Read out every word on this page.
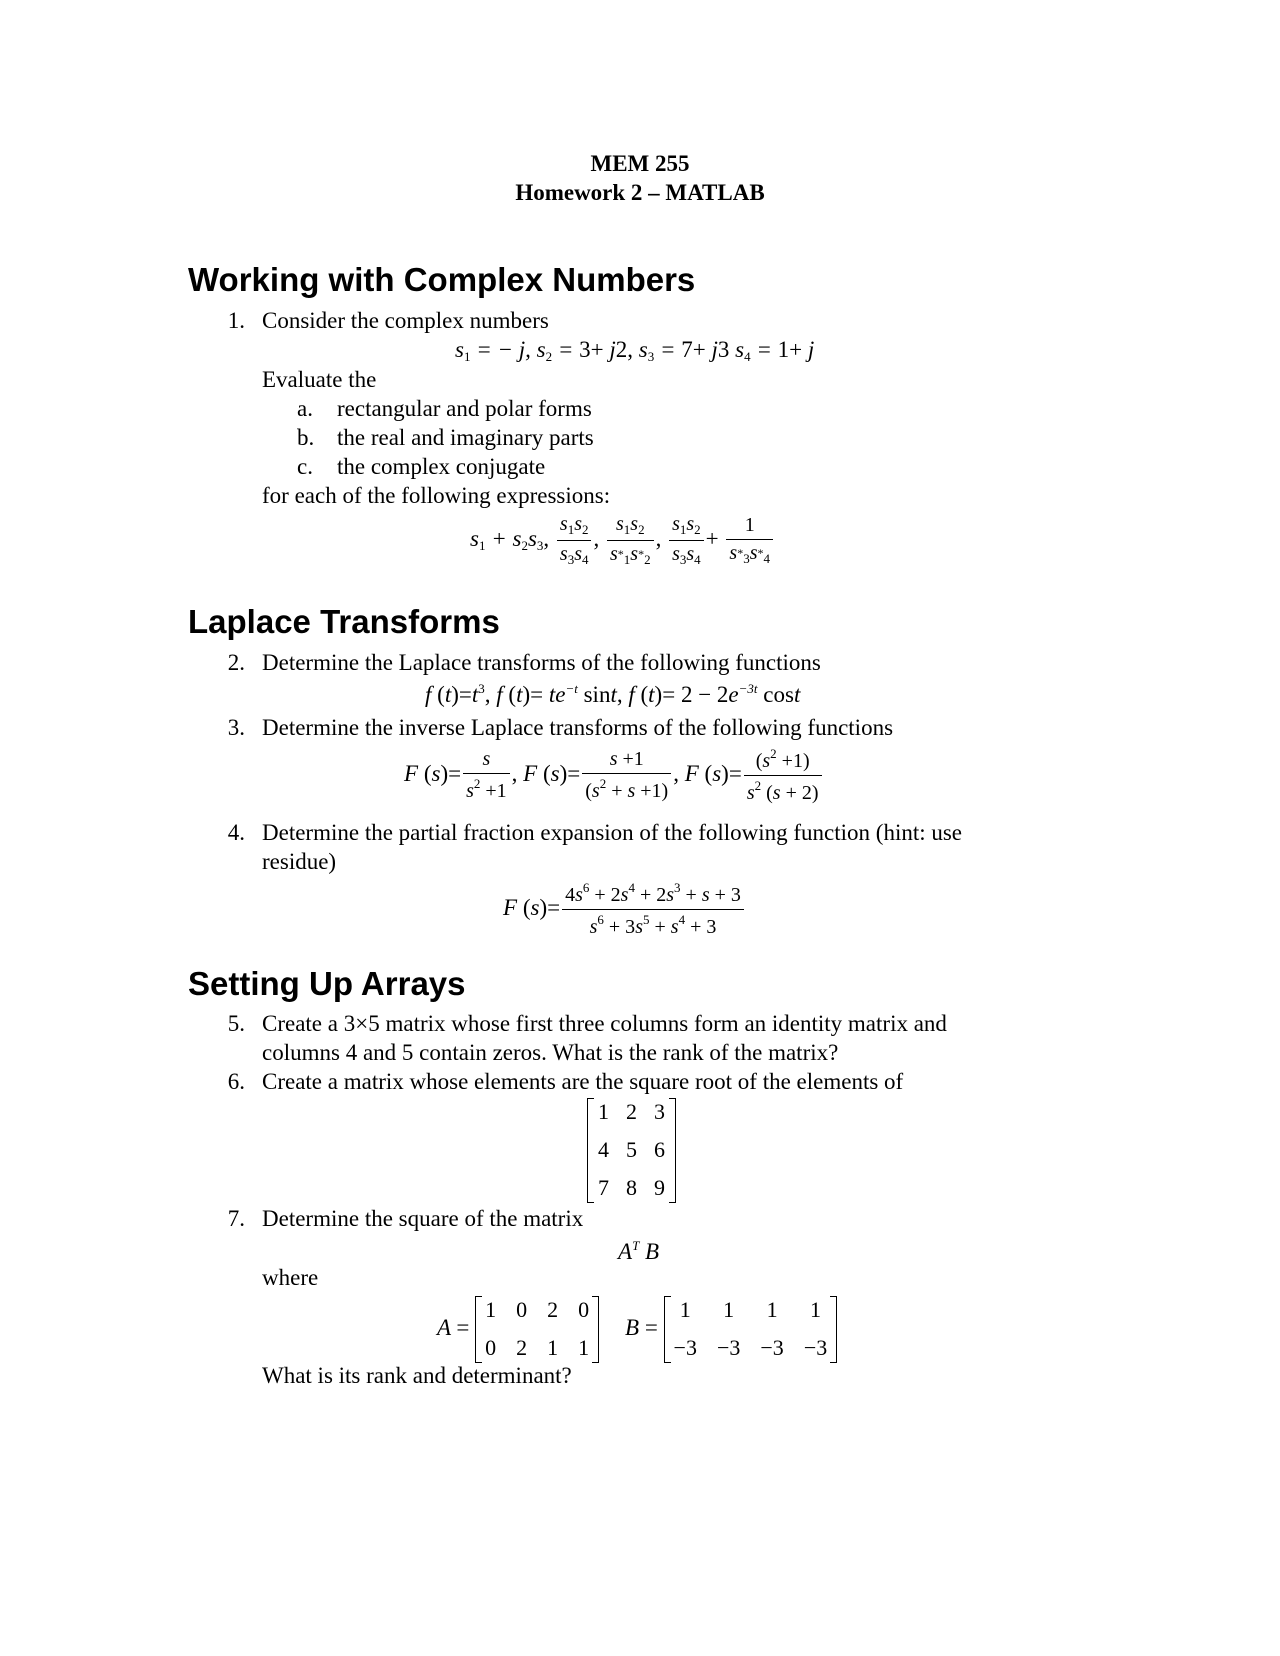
MEM 255
Homework 2 – MATLAB
Working with Complex Numbers
1. Consider the complex numbers
$s_1$ = − j, $s_2 = 3+ j2$, $s_3 = 7+ j3$ $s_4 = 1+ j$
Evaluate the
a. rectangular and polar forms
b. the real and imaginary parts
c. the complex conjugate
for each of the following expressions:
$s_1 + s_2s_3$, $\frac{s_1s_2}{s_3s_4}$ , $\frac{s_1s_2}{s*_1s*_2}$ , $\frac{s_1s_2}{s_3s_4} + \frac{1}{s*_3s*_4}$
Laplace Transforms
2. Determine the Laplace transforms of the following functions
f $(t)=t^3$, f $(t)= te^{-t}$ sint, f $(t)= 2 - 2e^{-3t}$ cost
3. Determine the inverse Laplace transforms of the following functions
F $(s)= \frac{s}{s^2 +1}$ , F $(s)= \frac{s +1}{(s^2 + s +1)}$ , F $(s)= \frac{(s^2 +1)}{s^2 (s + 2)}$
4. Determine the partial fraction expansion of the following function (hint: use
residue)
F $(s)= \frac{4s^6 + 2s^4 + 2s^3 + s + 3}{s^6 + 3s^5 + s^4 + 3}$
Setting Up Arrays
5. Create a 3×5 matrix whose first three columns form an identity matrix and
columns 4 and 5 contain zeros. What is the rank of the matrix?
6. Create a matrix whose elements are the square root of the elements of
1	2	3
4	5	6
7	8	9
7. Determine the square of the matrix
$A^T$ B
where
A =
1	0	2	0
0	2	1	1
B =
1	1	1	1
−3	−3	−3	−3
What is its rank and determinant?
